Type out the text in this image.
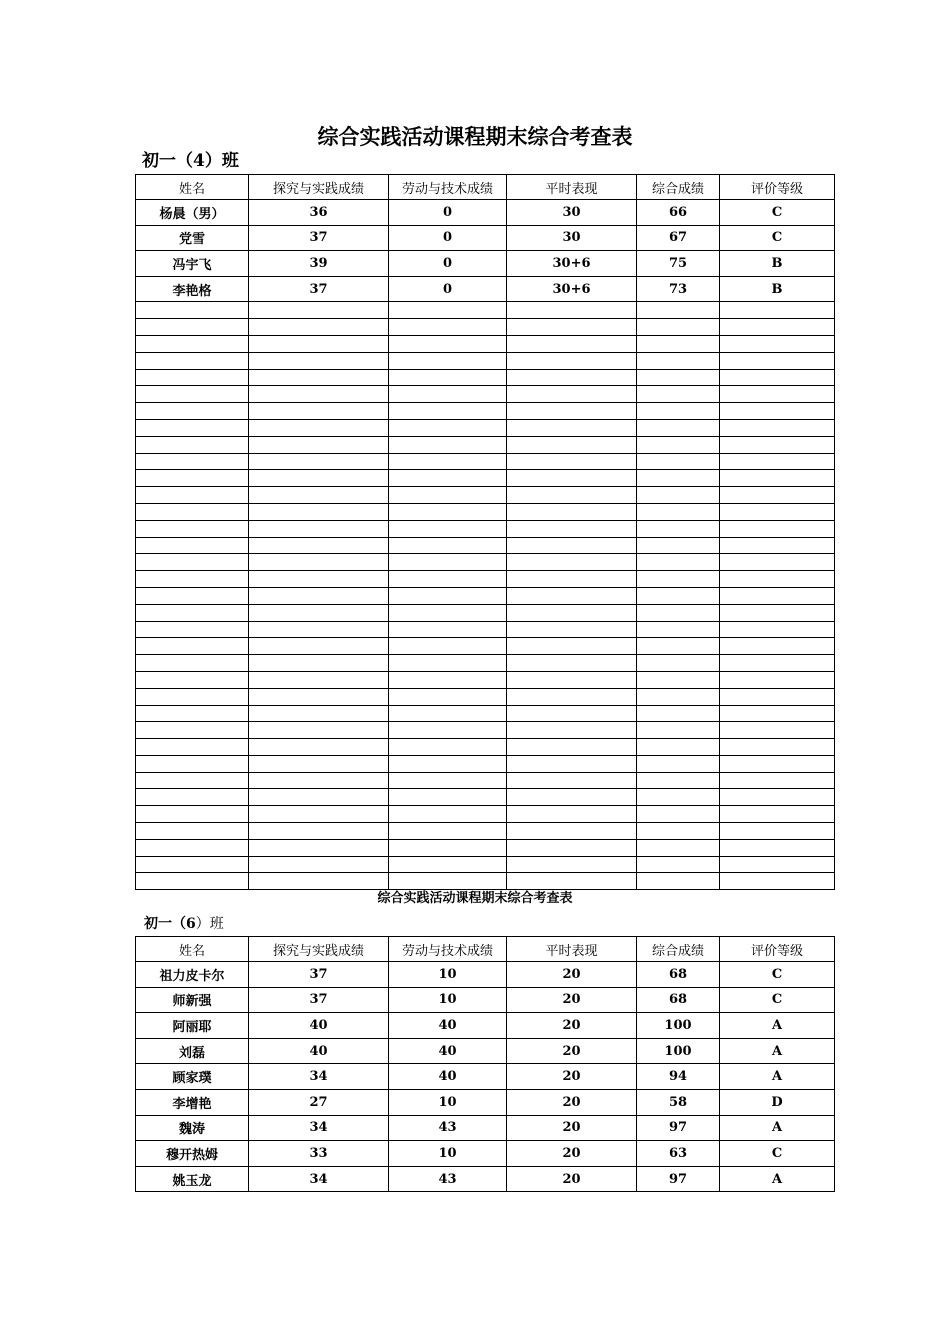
综合实践活动课程期末综合考查表
初一（4）班
姓名	探究与实践成绩	劳动与技术成绩	平时表现	综合成绩	评价等级
杨晨（男）	36	0	30	66	C
党雪	37	0	30	67	C
冯宇飞	39	0	30+6	75	B
李艳格	37	0	30+6	73	B

综合实践活动课程期末综合考查表
初一（6）班
姓名	探究与实践成绩	劳动与技术成绩	平时表现	综合成绩	评价等级
祖力皮卡尔	37	10	20	68	C
师新强	37	10	20	68	C
阿丽耶	40	40	20	100	A
刘磊	40	40	20	100	A
顾家璞	34	40	20	94	A
李增艳	27	10	20	58	D
魏涛	34	43	20	97	A
穆开热姆	33	10	20	63	C
姚玉龙	34	43	20	97	A
